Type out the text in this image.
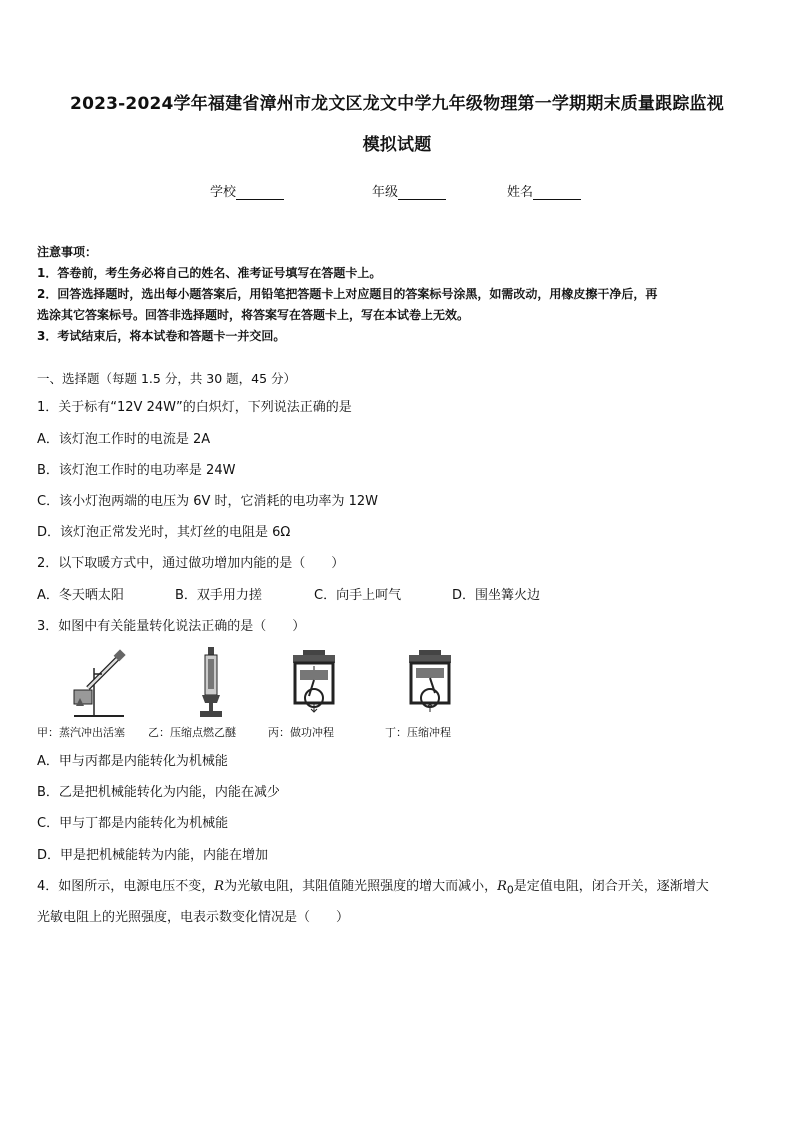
2023-2024学年福建省漳州市龙文区龙文中学九年级物理第一学期期末质量跟踪监视
模拟试题
学校	年级	姓名
注意事项：
1．答卷前，考生务必将自己的姓名、准考证号填写在答题卡上。
2．回答选择题时，选出每小题答案后，用铅笔把答题卡上对应题目的答案标号涂黑，如需改动，用橡皮擦干净后，再
选涂其它答案标号。回答非选择题时，将答案写在答题卡上，写在本试卷上无效。
3．考试结束后，将本试卷和答题卡一并交回。
一、选择题（每题 1.5 分，共 30 题，45 分）
1．关于标有“12V 24W”的白炽灯，下列说法正确的是
A．该灯泡工作时的电流是 2A
B．该灯泡工作时的电功率是 24W
C．该小灯泡两端的电压为 6V 时，它消耗的电功率为 12W
D．该灯泡正常发光时，其灯丝的电阻是 6Ω
2．以下取暖方式中，通过做功增加内能的是（　　）
A．冬天晒太阳	B．双手用力搓	C．向手上呵气	D．围坐篝火边
3．如图中有关能量转化说法正确的是（　　）
甲：蒸汽冲出活塞 乙：压缩点燃乙醚	丙：做功冲程	丁：压缩冲程
A．甲与丙都是内能转化为机械能
B．乙是把机械能转化为内能，内能在减少
C．甲与丁都是内能转化为机械能
D．甲是把机械能转为内能，内能在增加
4．如图所示，电源电压不变，R为光敏电阻，其阻值随光照强度的增大而减小，$R_0$是定值电阻，闭合开关，逐渐增大
光敏电阻上的光照强度，电表示数变化情况是（　　）
